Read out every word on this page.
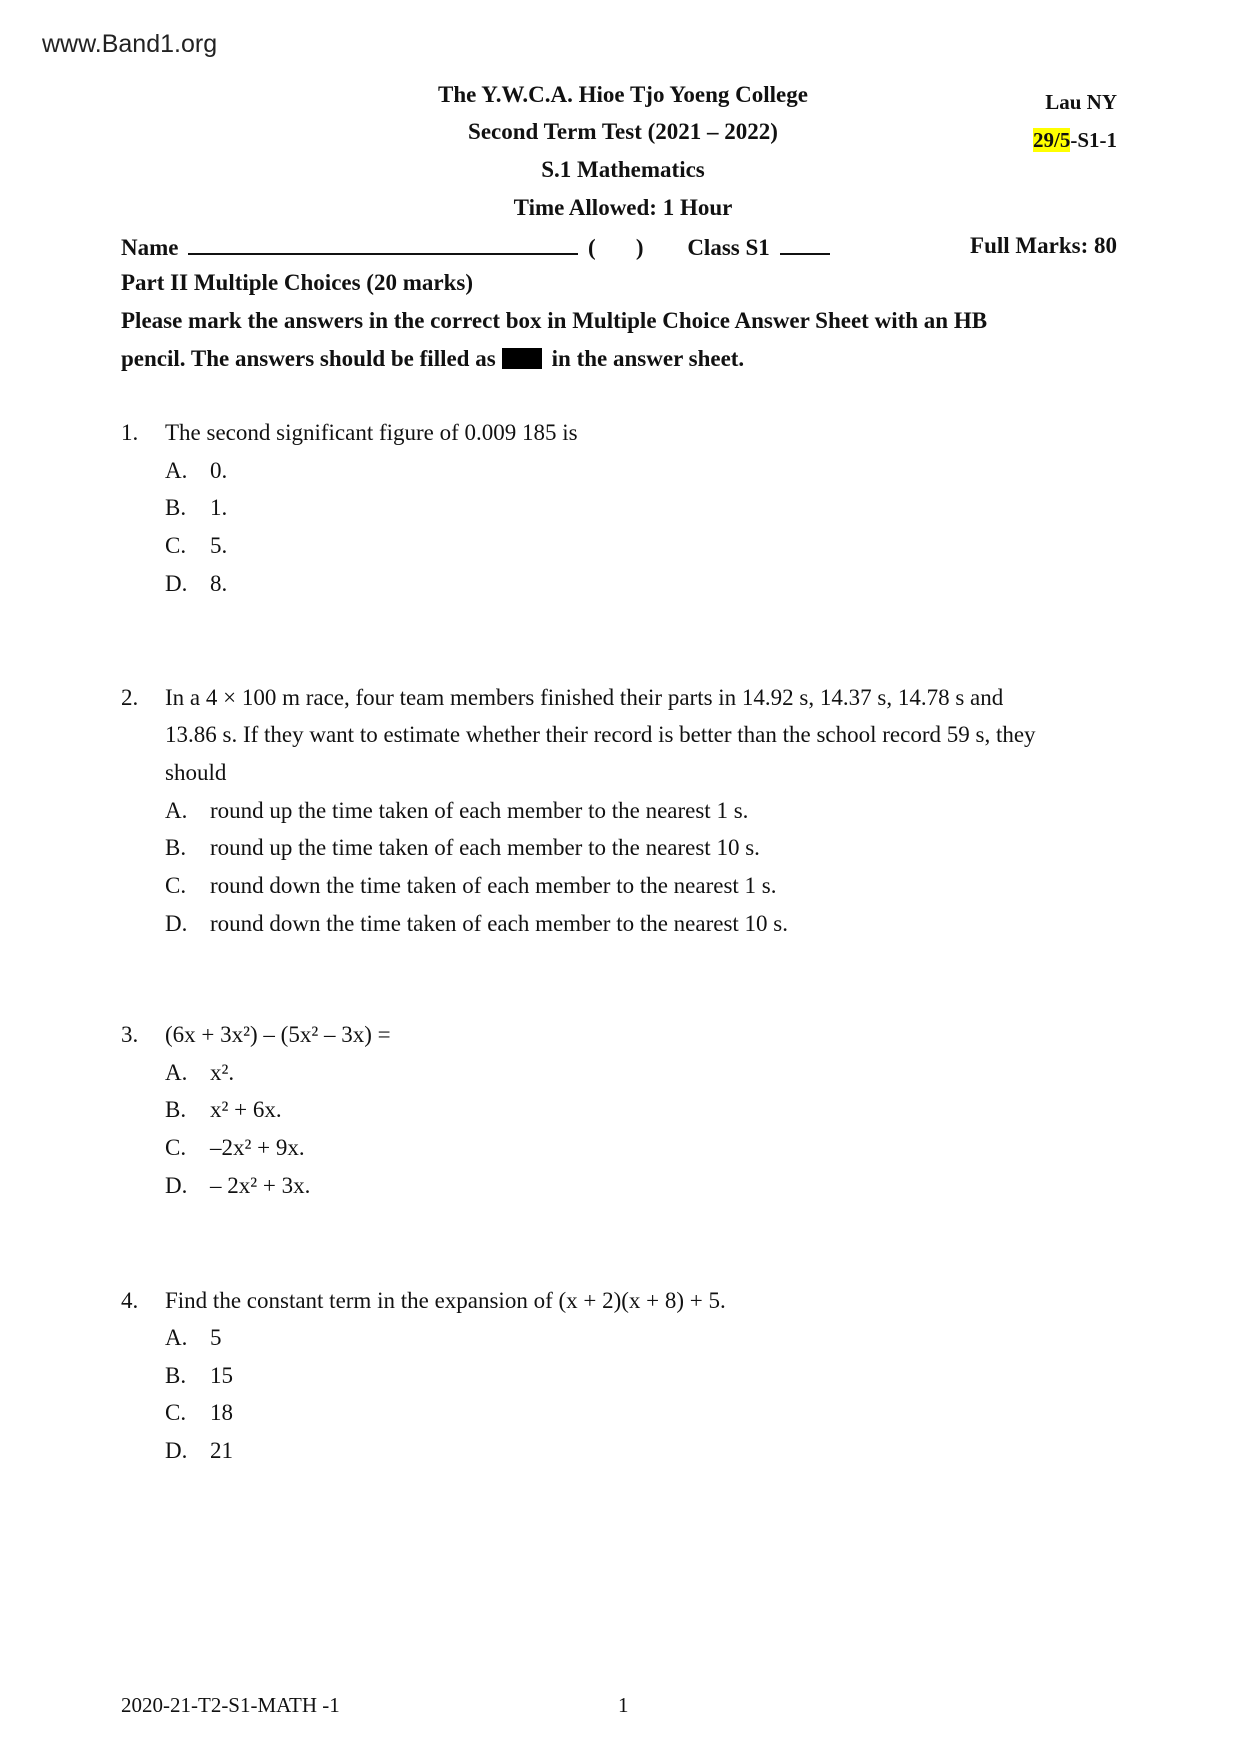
www.Band1.org
The Y.W.C.A. Hioe Tjo Yoeng College
Second Term Test (2021 – 2022)
S.1 Mathematics
Time Allowed: 1 Hour
Lau NY
29/5-S1-1
Name	(       ) Class S1	Full Marks: 80
Part II Multiple Choices (20 marks)
Please mark the answers in the correct box in Multiple Choice Answer Sheet with an HB
pencil. The answers should be filled as in the answer sheet.
1. The second significant figure of 0.009 185 is
A. 0.
B. 1.
C. 5.
D. 8.
2. In a 4 × 100 m race, four team members finished their parts in 14.92 s, 14.37 s, 14.78 s and
13.86 s. If they want to estimate whether their record is better than the school record 59 s, they
should
A. round up the time taken of each member to the nearest 1 s.
B. round up the time taken of each member to the nearest 10 s.
C. round down the time taken of each member to the nearest 1 s.
D. round down the time taken of each member to the nearest 10 s.
3. (6x + 3x²) – (5x² – 3x) =
A. x².
B. x² + 6x.
C. –2x² + 9x.
D. – 2x² + 3x.
4. Find the constant term in the expansion of (x + 2)(x + 8) + 5.
A. 5
B. 15
C. 18
D. 21
2020-21-T2-S1-MATH -1	1
